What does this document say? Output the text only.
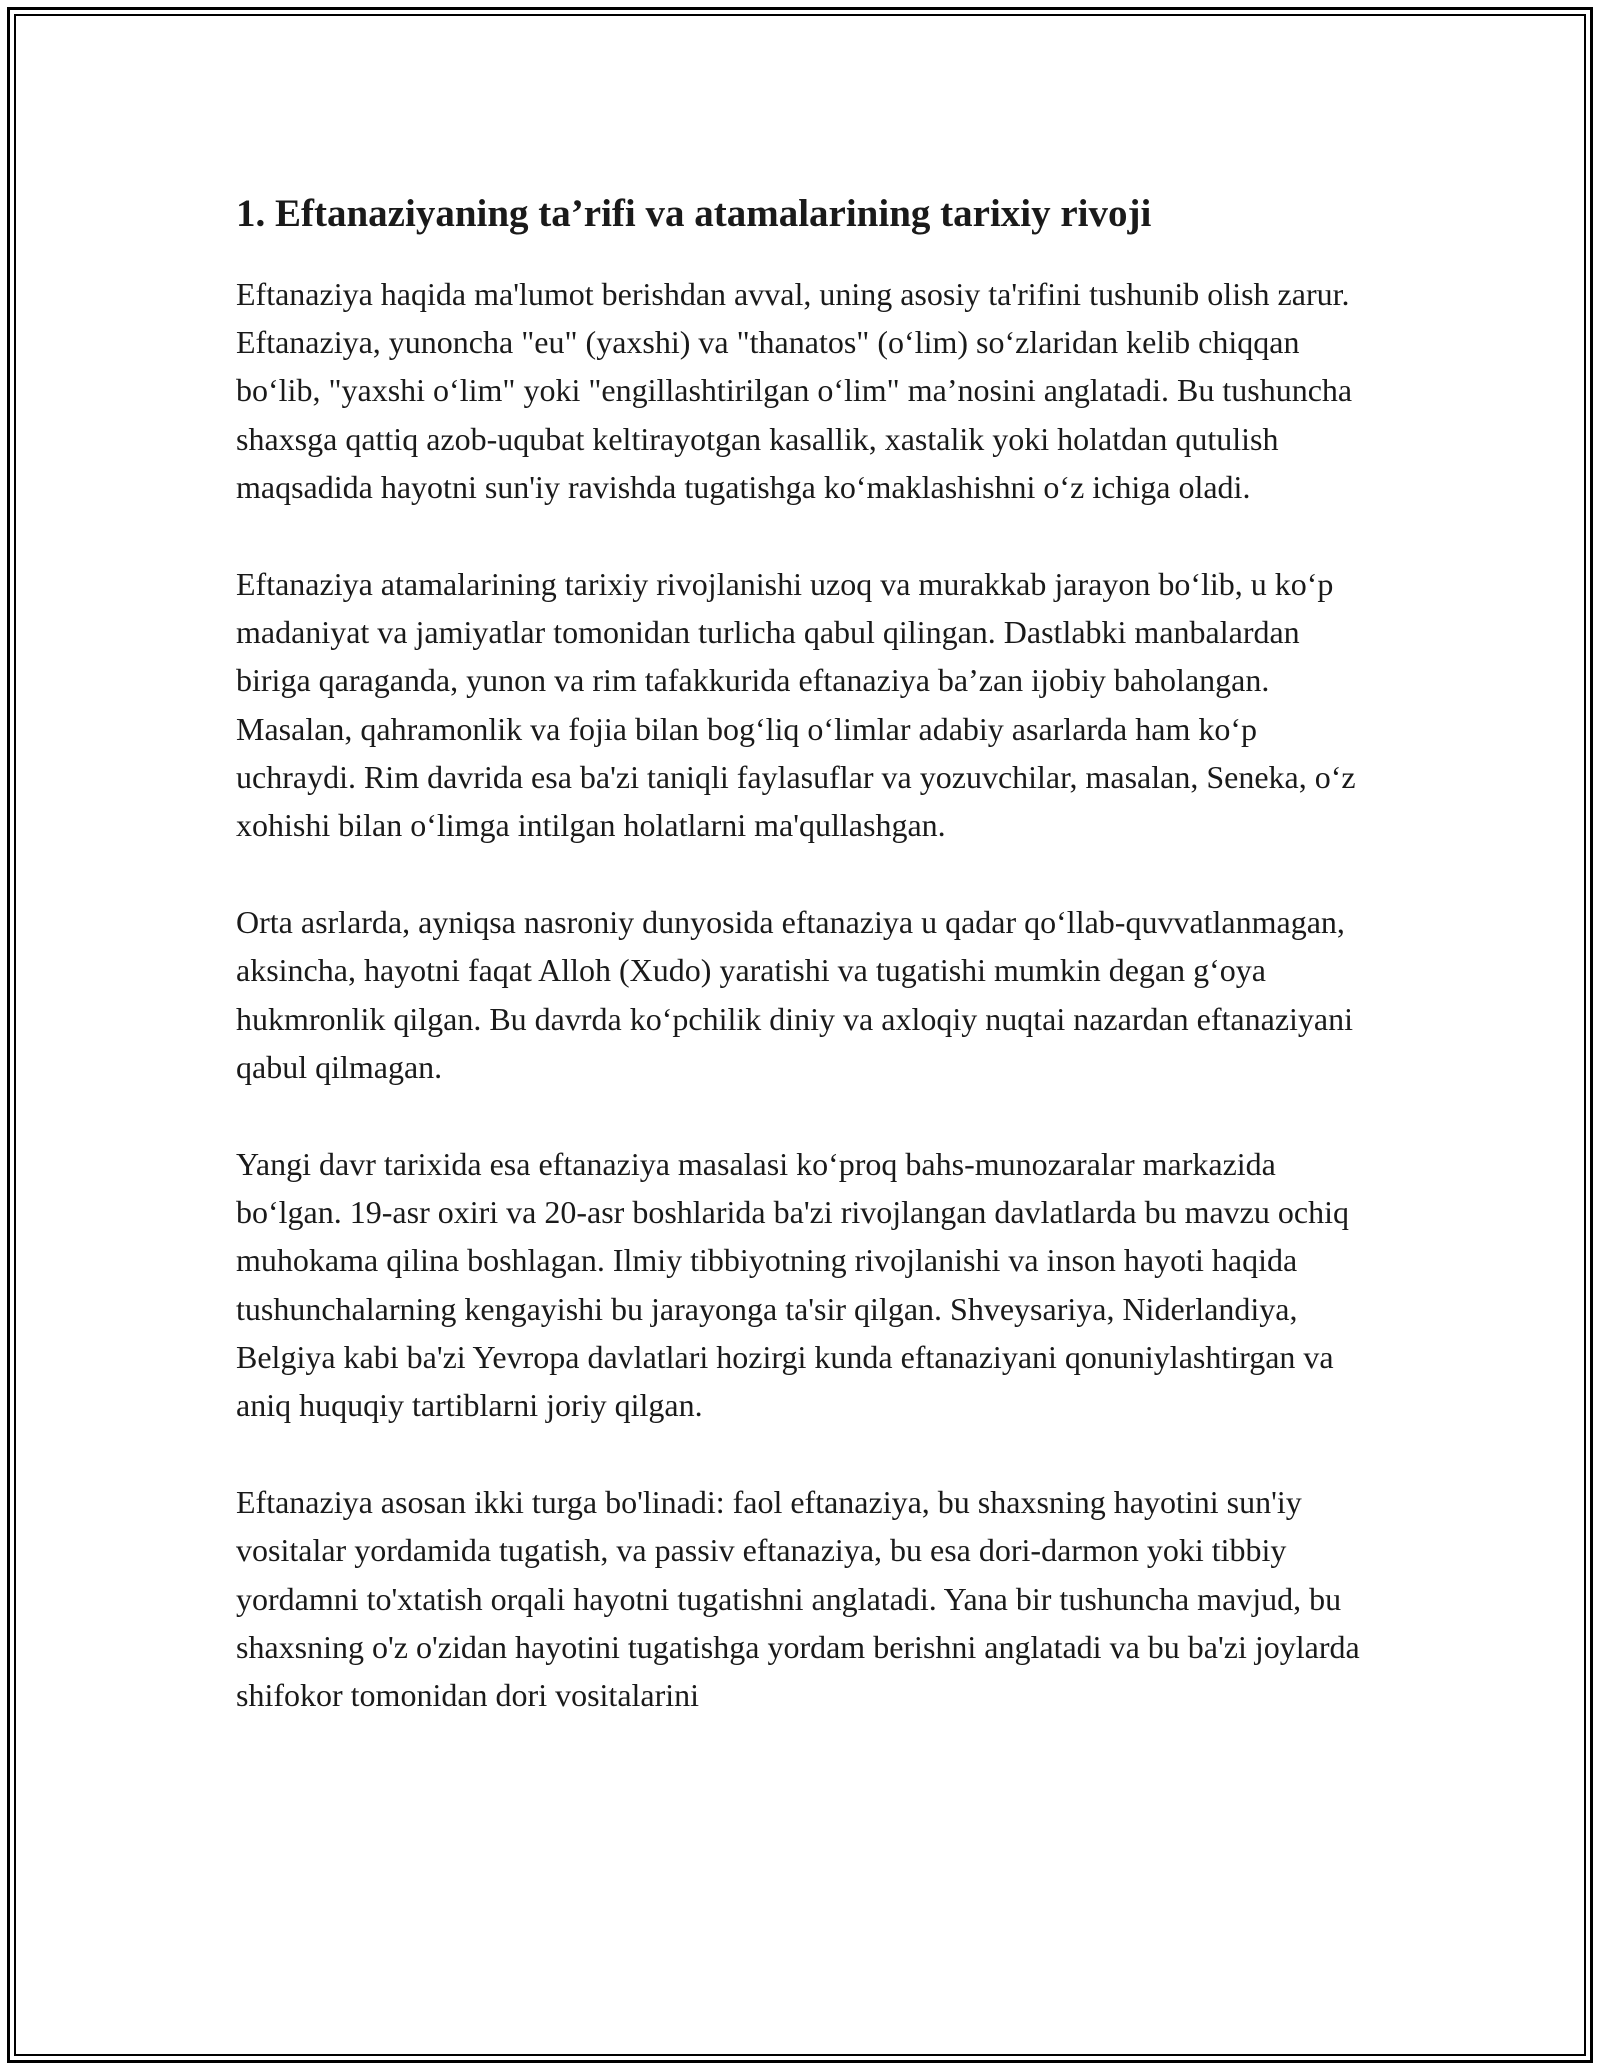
1. Eftanaziyaning ta’rifi va atamalarining tarixiy rivoji

Eftanaziya haqida ma'lumot berishdan avval, uning asosiy ta'rifini tushunib olish zarur. Eftanaziya, yunoncha "eu" (yaxshi) va "thanatos" (o‘lim) so‘zlaridan kelib chiqqan bo‘lib, "yaxshi o‘lim" yoki "engillashtirilgan o‘lim" ma’nosini anglatadi. Bu tushuncha shaxsga qattiq azob-uqubat keltirayotgan kasallik, xastalik yoki holatdan qutulish maqsadida hayotni sun'iy ravishda tugatishga ko‘maklashishni o‘z ichiga oladi.

Eftanaziya atamalarining tarixiy rivojlanishi uzoq va murakkab jarayon bo‘lib, u ko‘p madaniyat va jamiyatlar tomonidan turlicha qabul qilingan. Dastlabki manbalardan biriga qaraganda, yunon va rim tafakkurida eftanaziya ba’zan ijobiy baholangan. Masalan, qahramonlik va fojia bilan bog‘liq o‘limlar adabiy asarlarda ham ko‘p uchraydi. Rim davrida esa ba'zi taniqli faylasuflar va yozuvchilar, masalan, Seneka, o‘z xohishi bilan o‘limga intilgan holatlarni ma'qullashgan.

Orta asrlarda, ayniqsa nasroniy dunyosida eftanaziya u qadar qo‘llab-quvvatlanmagan, aksincha, hayotni faqat Alloh (Xudo) yaratishi va tugatishi mumkin degan g‘oya hukmronlik qilgan. Bu davrda ko‘pchilik diniy va axloqiy nuqtai nazardan eftanaziyani qabul qilmagan.

Yangi davr tarixida esa eftanaziya masalasi ko‘proq bahs-munozaralar markazida bo‘lgan. 19-asr oxiri va 20-asr boshlarida ba'zi rivojlangan davlatlarda bu mavzu ochiq muhokama qilina boshlagan. Ilmiy tibbiyotning rivojlanishi va inson hayoti haqida tushunchalarning kengayishi bu jarayonga ta'sir qilgan. Shveysariya, Niderlandiya, Belgiya kabi ba'zi Yevropa davlatlari hozirgi kunda eftanaziyani qonuniylashtirgan va aniq huquqiy tartiblarni joriy qilgan.

Eftanaziya asosan ikki turga bo'linadi: faol eftanaziya, bu shaxsning hayotini sun'iy vositalar yordamida tugatish, va passiv eftanaziya, bu esa dori-darmon yoki tibbiy yordamni to'xtatish orqali hayotni tugatishni anglatadi. Yana bir tushuncha mavjud, bu shaxsning o'z o'zidan hayotini tugatishga yordam berishni anglatadi va bu ba'zi joylarda shifokor tomonidan dori vositalarini
